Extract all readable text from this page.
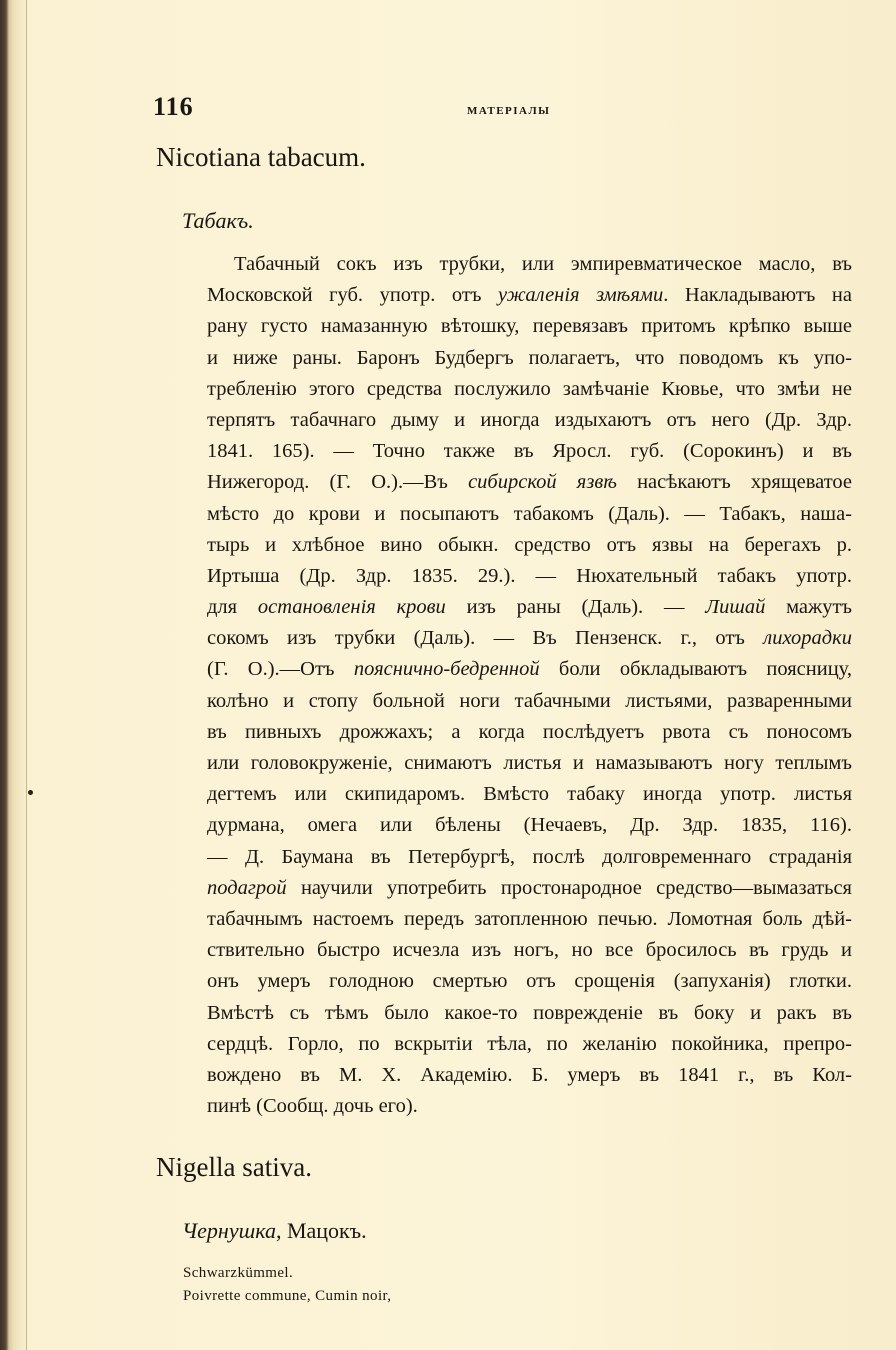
116	МАТЕРІАЛЫ
Nicotiana tabacum.
Табакъ.
Табачный сокъ изъ трубки, или эмпиревматическое масло, въ
Московской губ. употр. отъ ужаленія змѣями. Накладываютъ на
рану густо намазанную вѣтошку, перевязавъ притомъ крѣпко выше
и ниже раны. Баронъ Будбергъ полагаетъ, что поводомъ къ упо-
требленію этого средства послужило замѣчаніе Кювье, что змѣи не
терпятъ табачнаго дыму и иногда издыхаютъ отъ него (Др. Здр.
1841. 165). — Точно также въ Яросл. губ. (Сорокинъ) и въ
Нижегород. (Г. О.).—Въ сибирской язвѣ насѣкаютъ хрящеватое
мѣсто до крови и посыпаютъ табакомъ (Даль). — Табакъ, наша-
тырь и хлѣбное вино обыкн. средство отъ язвы на берегахъ р.
Иртыша (Др. Здр. 1835. 29.). — Нюхательный табакъ употр.
для остановленія крови изъ раны (Даль). — Лишай мажутъ
сокомъ изъ трубки (Даль). — Въ Пензенск. г., отъ лихорадки
(Г. О.).—Отъ пояснично-бедренной боли обкладываютъ поясницу,
колѣно и стопу больной ноги табачными листьями, разваренными
въ пивныхъ дрожжахъ; а когда послѣдуетъ рвота съ поносомъ
или головокруженіе, снимаютъ листья и намазываютъ ногу теплымъ
дегтемъ или скипидаромъ. Вмѣсто табаку иногда употр. листья
дурмана, омега или бѣлены (Нечаевъ, Др. Здр. 1835, 116).
— Д. Баумана въ Петербургѣ, послѣ долговременнаго страданія
подагрой научили употребить простонародное средство—вымазаться
табачнымъ настоемъ передъ затопленною печью. Ломотная боль дѣй-
ствительно быстро исчезла изъ ногъ, но все бросилось въ грудь и
онъ умеръ голодною смертью отъ срощенія (запуханія) глотки.
Вмѣстѣ съ тѣмъ было какое-то поврежденіе въ боку и ракъ въ
сердцѣ. Горло, по вскрытіи тѣла, по желанію покойника, препро-
вождено въ М. Х. Академію. Б. умеръ въ 1841 г., въ Кол-
пинѣ (Сообщ. дочь его).
Nigella sativa.
Чернушка, Мацокъ.
Schwarzkümmel.
Poivrette commune, Cumin noir,
